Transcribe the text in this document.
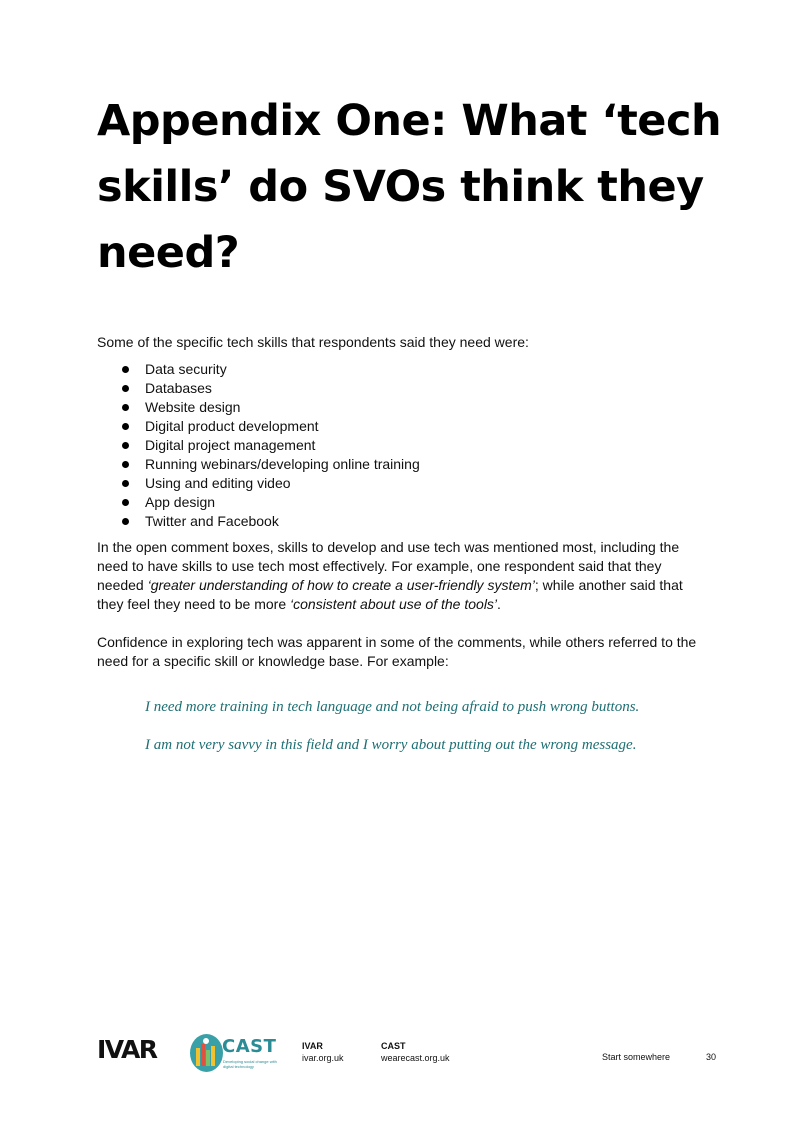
Appendix One: What ‘tech skills’ do SVOs think they need?

Some of the specific tech skills that respondents said they need were:

Data security
Databases
Website design
Digital product development
Digital project management
Running webinars/developing online training
Using and editing video
App design
Twitter and Facebook

In the open comment boxes, skills to develop and use tech was mentioned most, including the need to have skills to use tech most effectively. For example, one respondent said that they needed ‘greater understanding of how to create a user-friendly system’; while another said that they feel they need to be more ‘consistent about use of the tools’.

Confidence in exploring tech was apparent in some of the comments, while others referred to the need for a specific skill or knowledge base. For example:

I need more training in tech language and not being afraid to push wrong buttons.

I am not very savvy in this field and I worry about putting out the wrong message.

IVAR	CAST
Developing social change with digital technology
IVAR
ivar.org.uk
CAST
wearecast.org.uk	Start somewhere	30
